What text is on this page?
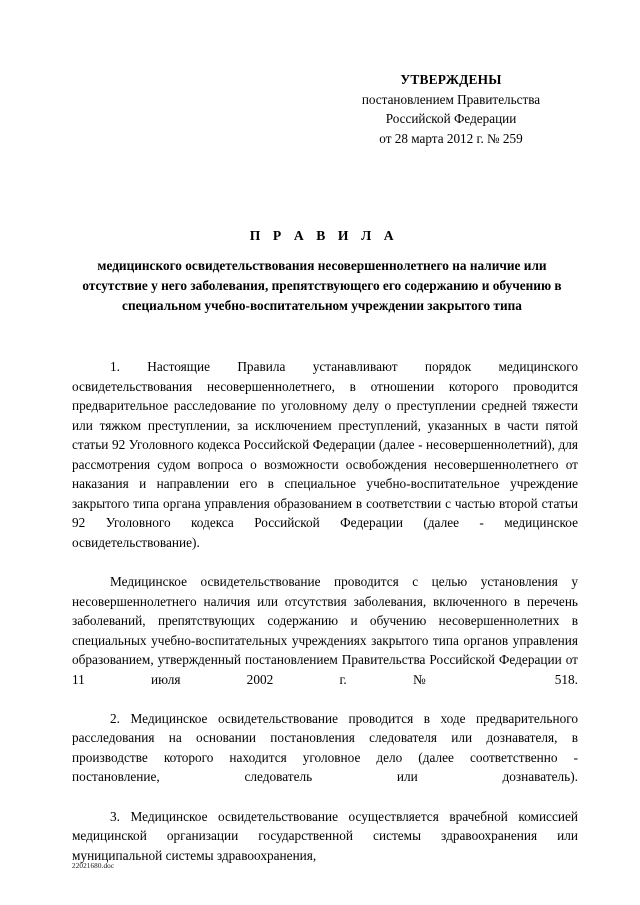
УТВЕРЖДЕНЫ
постановлением Правительства
Российской Федерации
от 28 марта 2012 г. № 259
П Р А В И Л А
медицинского освидетельствования несовершеннолетнего на наличие или отсутствие у него заболевания, препятствующего его содержанию и обучению в специальном учебно-воспитательном учреждении закрытого типа

1. Настоящие Правила устанавливают порядок медицинского освидетельствования несовершеннолетнего, в отношении которого проводится предварительное расследование по уголовному делу о преступлении средней тяжести или тяжком преступлении, за исключением преступлений, указанных в части пятой статьи 92 Уголовного кодекса Российской Федерации (далее - несовершеннолетний), для рассмотрения судом вопроса о возможности освобождения несовершеннолетнего от наказания и направлении его в специальное учебно-воспитательное учреждение закрытого типа органа управления образованием в соответствии с частью второй статьи 92 Уголовного кодекса Российской Федерации (далее - медицинское освидетельствование).

Медицинское освидетельствование проводится с целью установления у несовершеннолетнего наличия или отсутствия заболевания, включенного в перечень заболеваний, препятствующих содержанию и обучению несовершеннолетних в специальных учебно-воспитательных учреждениях закрытого типа органов управления образованием, утвержденный постановлением Правительства Российской Федерации от 11 июля 2002 г. № 518.

2. Медицинское освидетельствование проводится в ходе предварительного расследования на основании постановления следователя или дознавателя, в производстве которого находится уголовное дело (далее соответственно - постановление, следователь или дознаватель).

3. Медицинское освидетельствование осуществляется врачебной комиссией медицинской организации государственной системы здравоохранения или муниципальной системы здравоохранения,

22021680.doc
